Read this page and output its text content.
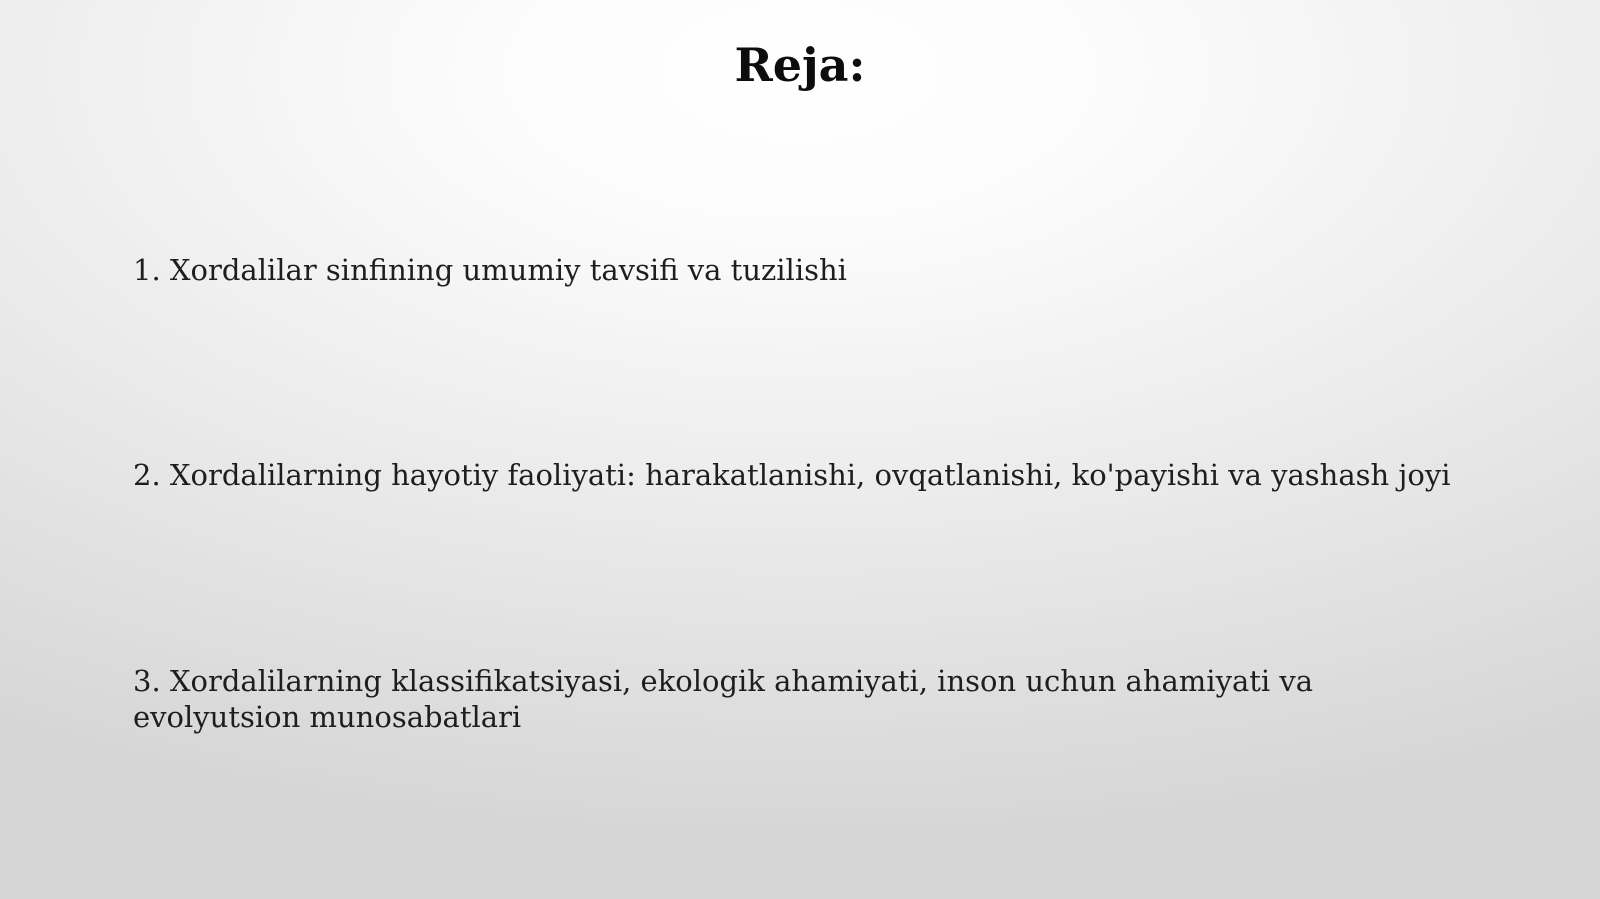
Reja:
1. Xordalilar sinfining umumiy tavsifi va tuzilishi
2. Xordalilarning hayotiy faoliyati: harakatlanishi, ovqatlanishi, ko'payishi va yashash joyi
3. Xordalilarning klassifikatsiyasi, ekologik ahamiyati, inson uchun ahamiyati va evolyutsion munosabatlari
